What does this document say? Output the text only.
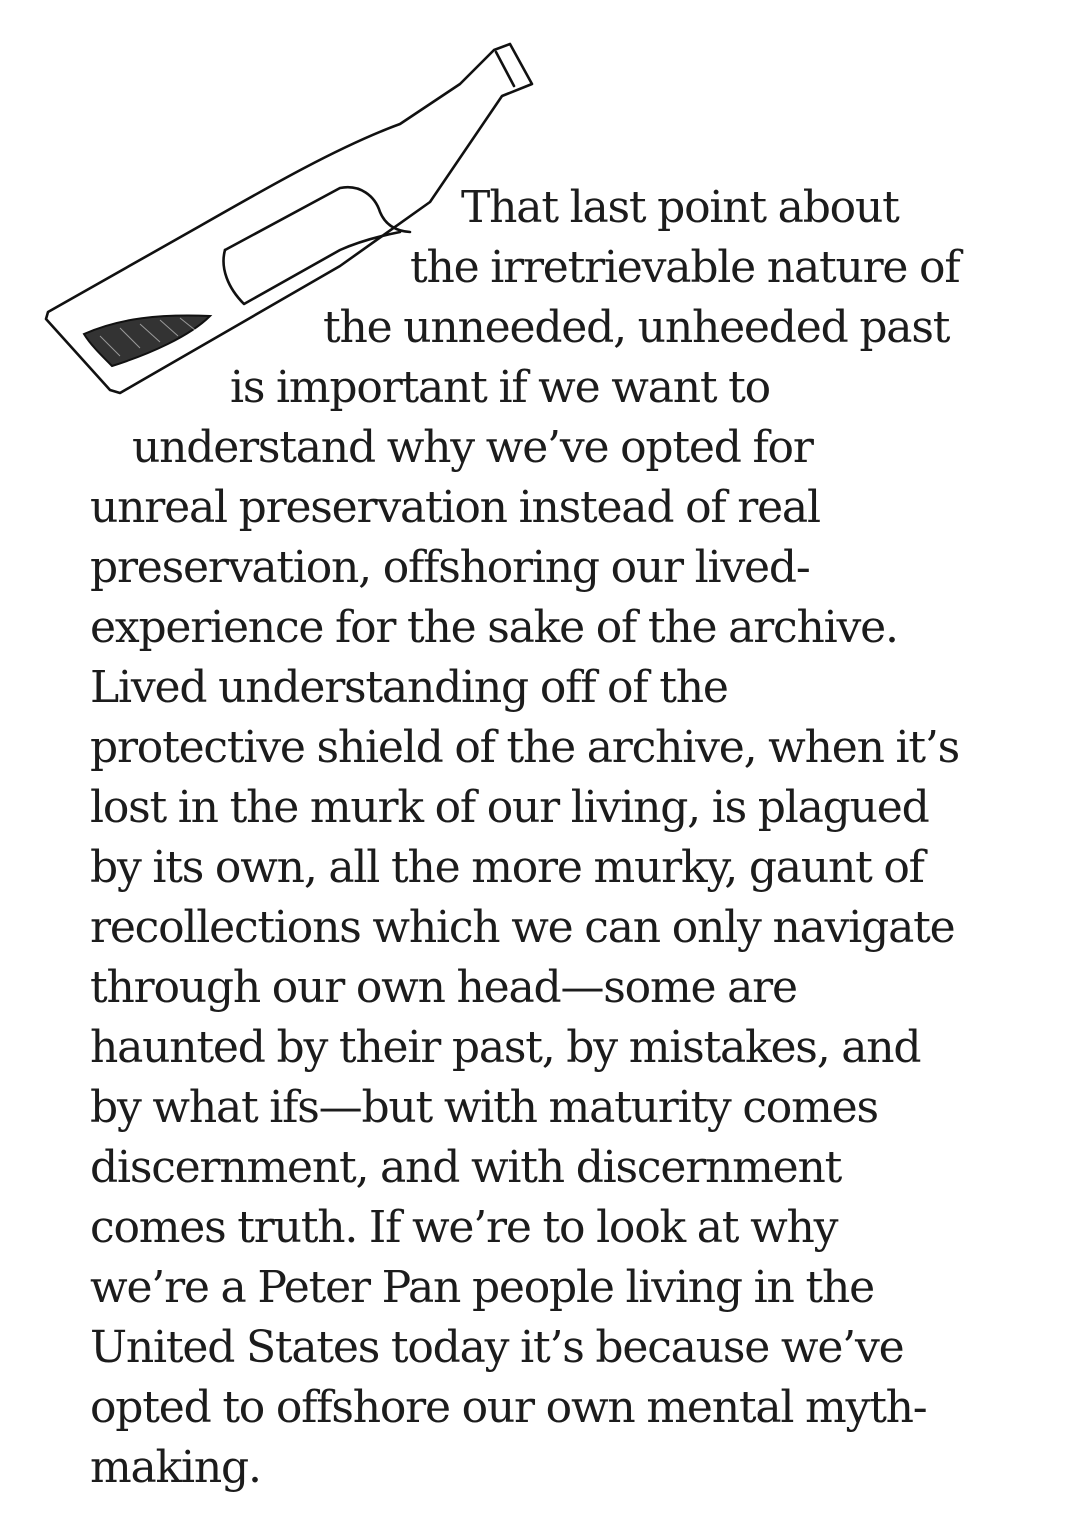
That last point about
the irretrievable nature of
the unneeded, unheeded past
is important if we want to
understand why we’ve opted for
unreal preservation instead of real
preservation, offshoring our lived-
experience for the sake of the archive.
Lived understanding off of the
protective shield of the archive, when it’s
lost in the murk of our living, is plagued
by its own, all the more murky, gaunt of
recollections which we can only navigate
through our own head—some are
haunted by their past, by mistakes, and
by what ifs—but with maturity comes
discernment, and with discernment
comes truth. If we’re to look at why
we’re a Peter Pan people living in the
United States today it’s because we’ve
opted to offshore our own mental myth-
making.
